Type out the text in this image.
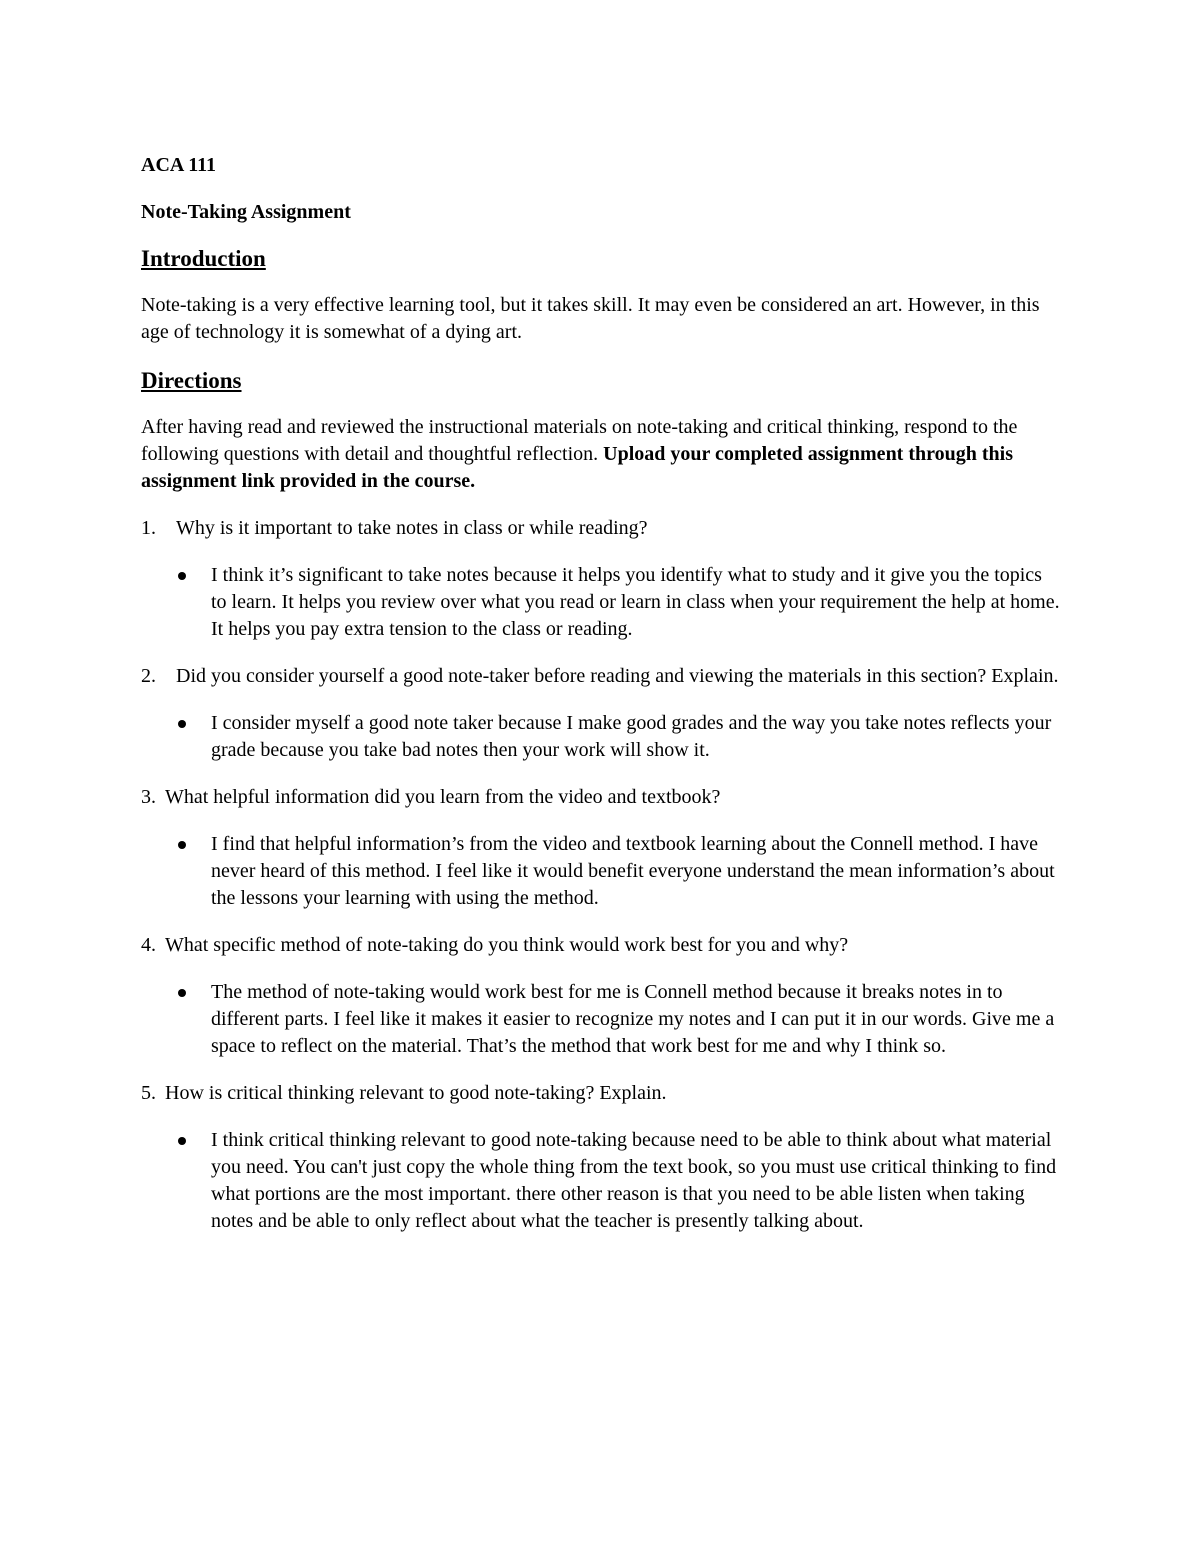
ACA 111

Note-Taking Assignment

Introduction

Note-taking is a very effective learning tool, but it takes skill. It may even be considered an art. However, in this age of technology it is somewhat of a dying art.

Directions

After having read and reviewed the instructional materials on note-taking and critical thinking, respond to the following questions with detail and thoughtful reflection. Upload your completed assignment through this assignment link provided in the course.

1.	Why is it important to take notes in class or while reading?
I think it’s significant to take notes because it helps you identify what to study and it give you the topics to learn. It helps you review over what you read or learn in class when your requirement the help at home. It helps you pay extra tension to the class or reading.
2.	Did you consider yourself a good note-taker before reading and viewing the materials in this section? Explain.
I consider myself a good note taker because I make good grades and the way you take notes reflects your grade because you take bad notes then your work will show it.
3. What helpful information did you learn from the video and textbook?
I find that helpful information’s from the video and textbook learning about the Connell method. I have never heard of this method. I feel like it would benefit everyone understand the mean information’s about the lessons your learning with using the method.
4. What specific method of note-taking do you think would work best for you and why?
The method of note-taking would work best for me is Connell method because it breaks notes in to different parts. I feel like it makes it easier to recognize my notes and I can put it in our words. Give me a space to reflect on the material. That’s the method that work best for me and why I think so.
5. How is critical thinking relevant to good note-taking? Explain.
I think critical thinking relevant to good note-taking because need to be able to think about what material you need. You can't just copy the whole thing from the text book, so you must use critical thinking to find what portions are the most important. there other reason is that you need to be able listen when taking notes and be able to only reflect about what the teacher is presently talking about.
